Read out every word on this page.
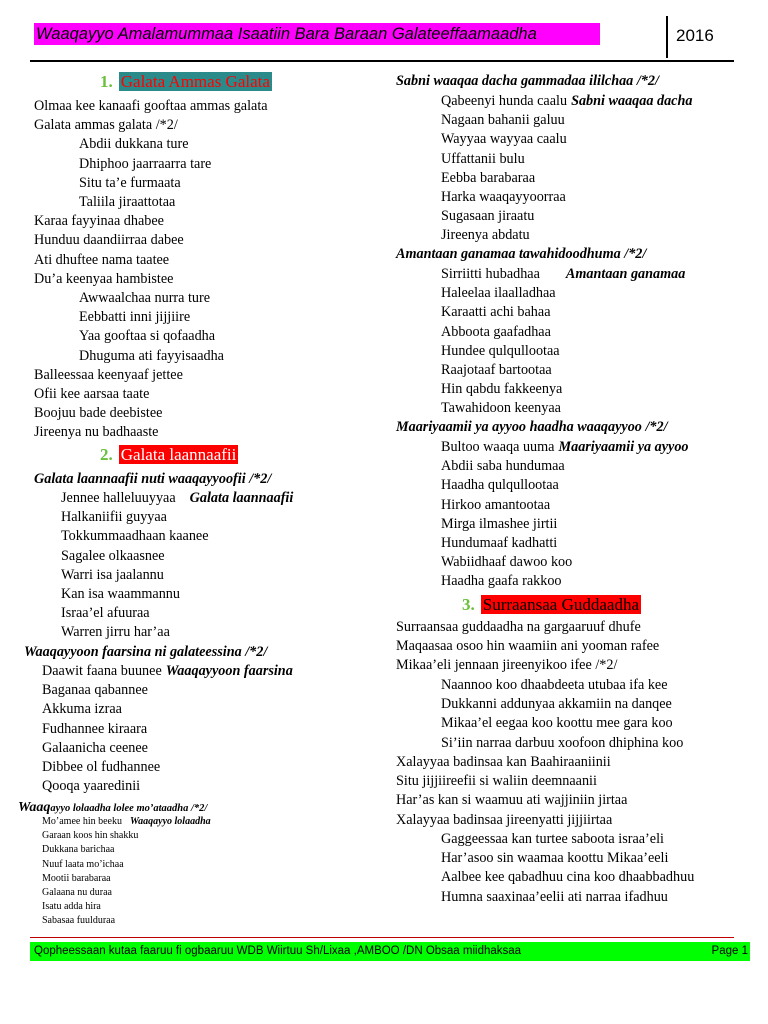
Waaqayyo Amalamummaa Isaatiin Bara Baraan Galateeffaamaadha	2016
1. Galata Ammas Galata
Olmaa kee kanaafi gooftaa ammas galata
Galata ammas galata /*2/
Abdii dukkana ture
Dhiphoo jaarraarra tare
Situ ta’e furmaata
Taliila jiraattotaa
Karaa fayyinaa dhabee
Hunduu daandiirraa dabee
Ati dhuftee nama taatee
Du’a keenyaa hambistee
Awwaalchaa nurra ture
Eebbatti inni jijjiire
Yaa gooftaa si qofaadha
Dhuguma ati fayyisaadha
Balleessaa keenyaaf jettee
Ofii kee aarsaa taate
Boojuu bade deebistee
Jireenya nu badhaaste
2. Galata laannaafii
Galata laannaafii nuti waaqayyoofii /*2/
Jennee halleluuyyaa Galata laannaafii
Halkaniifii guyyaa
Tokkummaadhaan kaanee
Sagalee olkaasnee
Warri isa jaalannu
Kan isa waammannu
Israa’el afuuraa
Warren jirru har’aa
Waaqayyoon faarsina ni galateessina /*2/
Daawit faana buunee Waaqayyoon faarsina
Baganaa qabannee
Akkuma izraa
Fudhannee kiraara
Galaanicha ceenee
Dibbee ol fudhannee
Qooqa yaaredinii
Waaqayyo lolaadha lolee mo’ataadha /*2/
Mo’amee hin beeku Waaqayyo lolaadha
Garaan koos hin shakku
Dukkana barichaa
Nuuf laata mo’ichaa
Mootii barabaraa
Galaana nu duraa
Isatu adda hira
Sabasaa fuulduraa
Sabni waaqaa dacha gammadaa ililchaa /*2/
Qabeenyi hunda caalu Sabni waaqaa dacha
Nagaan bahanii galuu
Wayyaa wayyaa caalu
Uffattanii bulu
Eebba barabaraa
Harka waaqayyoorraa
Sugasaan jiraatu
Jireenya abdatu
Amantaan ganamaa tawahidoodhuma /*2/
Sirriitti hubadhaa Amantaan ganamaa
Haleelaa ilaalladhaa
Karaatti achi bahaa
Abboota gaafadhaa
Hundee qulqullootaa
Raajotaaf bartootaa
Hin qabdu fakkeenya
Tawahidoon keenyaa
Maariyaamii ya ayyoo haadha waaqayyoo /*2/
Bultoo waaqa uuma Maariyaamii ya ayyoo
Abdii saba hundumaa
Haadha qulqullootaa
Hirkoo amantootaa
Mirga ilmashee jirtii
Hundumaaf kadhatti
Wabiidhaaf dawoo koo
Haadha gaafa rakkoo
3. Surraansaa Guddaadha
Surraansaa guddaadha na gargaaruuf dhufe
Maqaasaa osoo hin waamiin ani yooman rafee
Mikaa’eli jennaan jireenyikoo ifee /*2/
Naannoo koo dhaabdeeta utubaa ifa kee
Dukkanni addunyaa akkamiin na danqee
Mikaa’el eegaa koo koottu mee gara koo
Si’iin narraa darbuu xoofoon dhiphina koo
Xalayyaa badinsaa kan Baahiraaniinii
Situ jijjiireefii si waliin deemnaanii
Har’as kan si waamuu ati wajjiniin jirtaa
Xalayyaa badinsaa jireenyatti jijjiirtaa
Gaggeessaa kan turtee saboota israa’eli
Har’asoo sin waamaa koottu Mikaa’eeli
Aalbee kee qabadhuu cina koo dhaabbadhuu
Humna saaxinaa’eelii ati narraa ifadhuu
Qopheessaan kutaa faaruu fi ogbaaruu WDB Wiirtuu Sh/Lixaa ,AMBOO /DN Obsaa miidhaksaa	Page 1
